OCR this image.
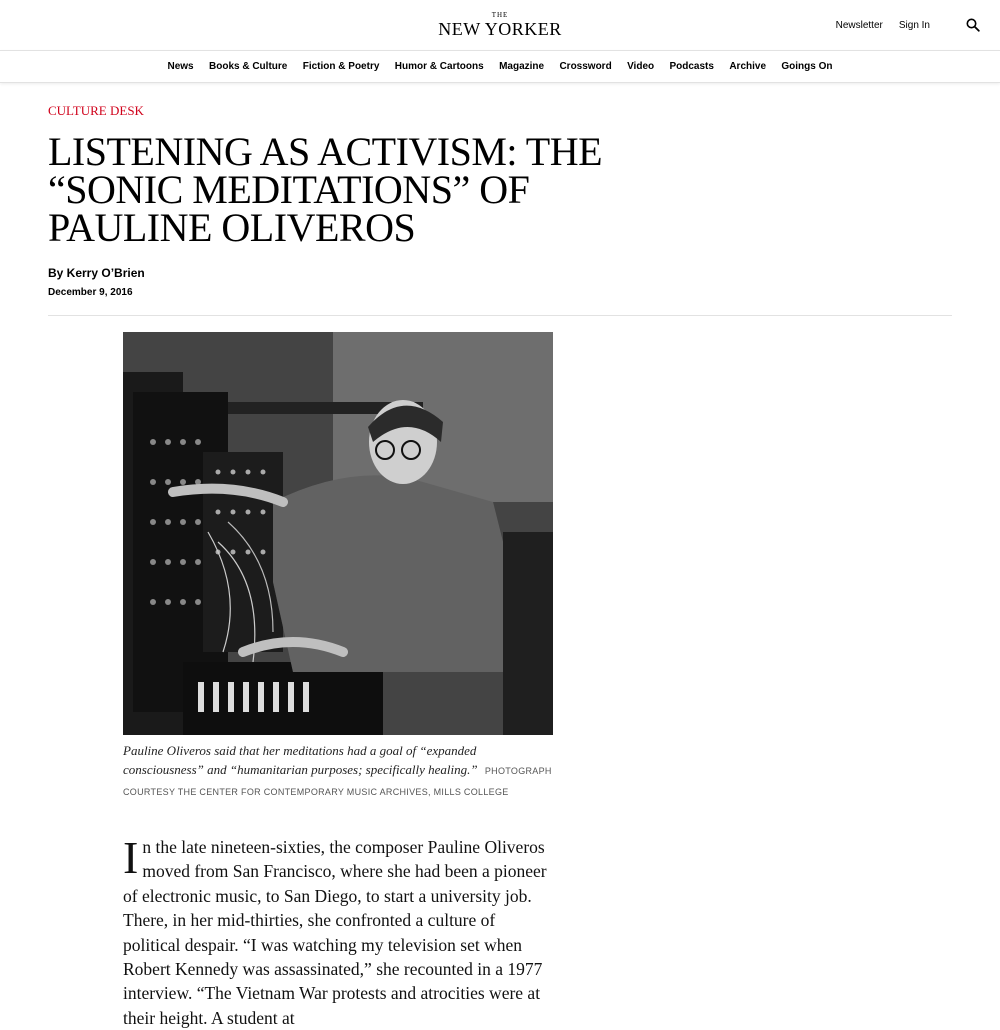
THE
NEW YORKER	Newsletter Sign In
News Books & Culture Fiction & Poetry Humor & Cartoons Magazine Crossword Video Podcasts Archive Goings On
CULTURE DESK
LISTENING AS ACTIVISM: THE “SONIC MEDITATIONS” OF PAULINE OLIVEROS
By Kerry O’Brien
December 9, 2016
Pauline Oliveros said that her meditations had a goal of “expanded consciousness” and “humanitarian purposes; specifically healing.” PHOTOGRAPH COURTESY THE CENTER FOR CONTEMPORARY MUSIC ARCHIVES, MILLS COLLEGE

In the late nineteen-sixties, the composer Pauline Oliveros moved from San Francisco, where she had been a pioneer of electronic music, to San Diego, to start a university job. There, in her mid-thirties, she confronted a culture of political despair. “I was watching my television set when Robert Kennedy was assassinated,” she recounted in a 1977 interview. “The Vietnam War protests and atrocities were at their height. A student at
